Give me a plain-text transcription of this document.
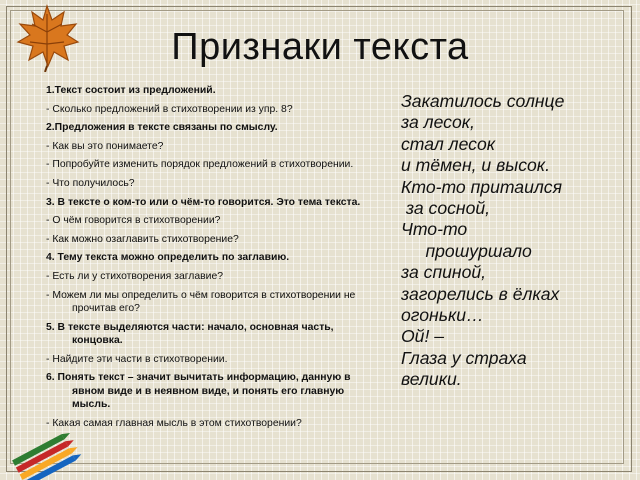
Признаки текста
1.Текст состоит из предложений.
- Сколько предложений в стихотворении из упр. 8?
2.Предложения в тексте связаны по смыслу.
- Как вы это понимаете?
- Попробуйте изменить порядок предложений в стихотворении.
- Что получилось?
3. В тексте о ком-то или о чём-то говорится. Это тема текста.
- О чём говорится в стихотворении?
- Как можно озаглавить стихотворение?
4. Тему текста можно определить по заглавию.
- Есть ли у стихотворения заглавие?
- Можем ли мы определить о чём говорится в стихотворении не прочитав его?
5. В тексте выделяются части: начало, основная часть, концовка.
- Найдите эти части в стихотворении.
6. Понять текст – значит вычитать информацию, данную в явном виде и в неявном виде, и понять его главную мысль.
- Какая самая главная мысль в этом стихотворении?
Закатилось солнце
за лесок,
стал лесок
и тёмен, и высок.
Кто-то притаился
за сосной,
Что-то
прошуршало
за спиной,
загорелись в ёлках
огоньки…
Ой! –
Глаза у страха
велики.
